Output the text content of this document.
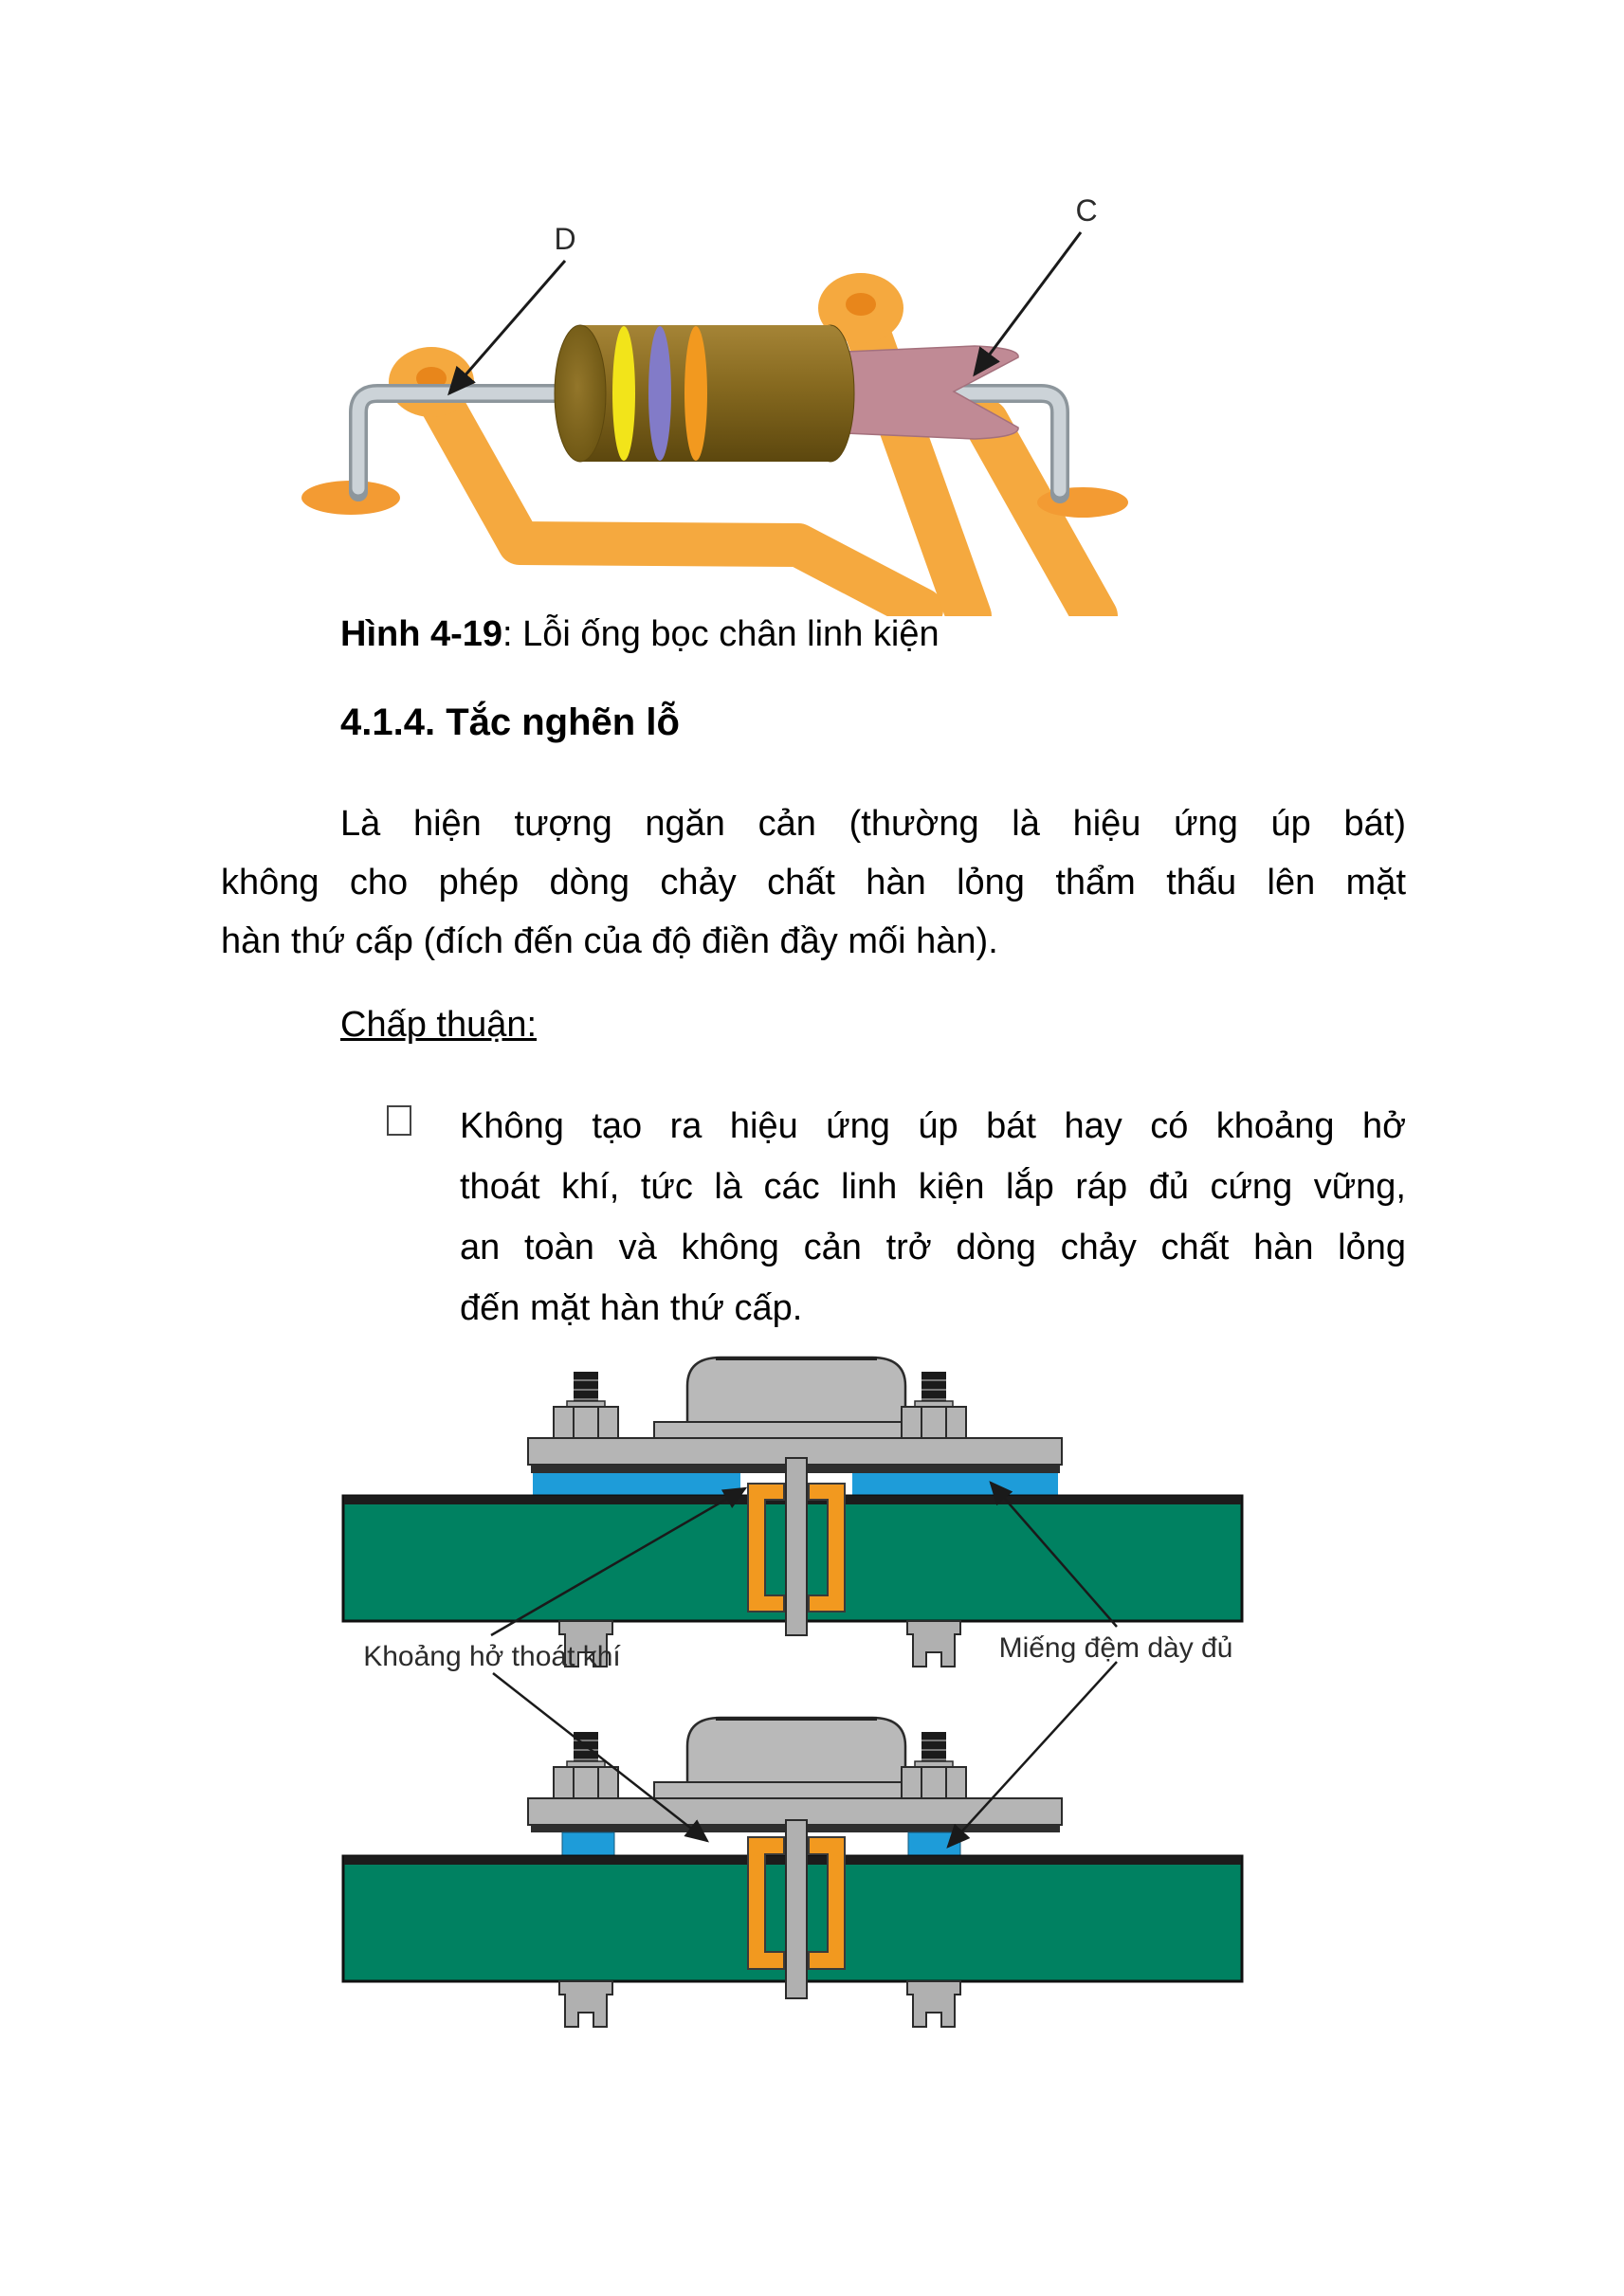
D
C
Hình 4-19: Lỗi ống bọc chân linh kiện
4.1.4. Tắc nghẽn lỗ
Là hiện tượng ngăn cản (thường là hiệu ứng úp bát)
không cho phép dòng chảy chất hàn lỏng thẩm thấu lên mặt
hàn thứ cấp (đích đến của độ điền đầy mối hàn).
Chấp thuận:
Không tạo ra hiệu ứng úp bát hay có khoảng hở
thoát khí, tức là các linh kiện lắp ráp đủ cứng vững,
an toàn và không cản trở dòng chảy chất hàn lỏng
đến mặt hàn thứ cấp.
Khoảng hở thoát khí	Miếng đệm dày đủ
